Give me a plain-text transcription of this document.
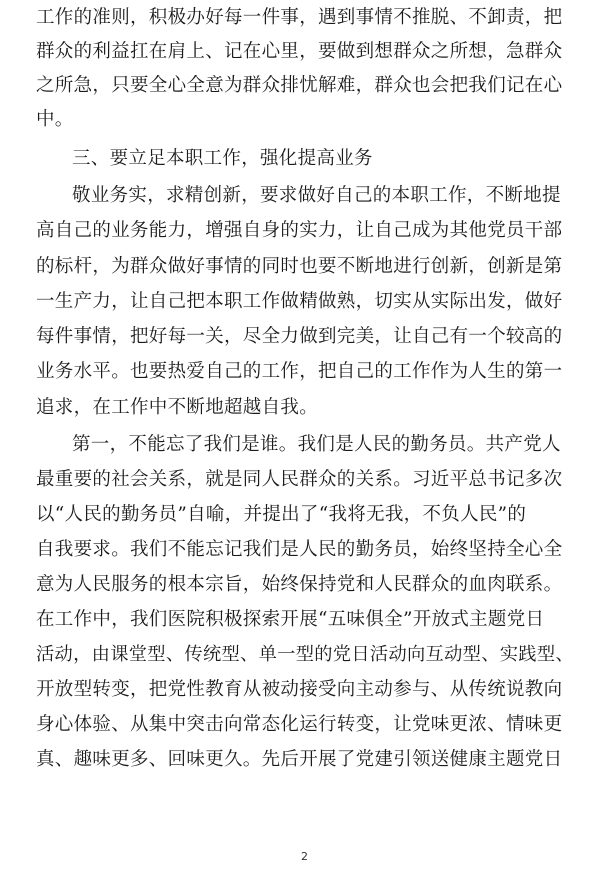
工作的准则，积极办好每一件事，遇到事情不推脱、不卸责，把
群众的利益扛在肩上、记在心里，要做到想群众之所想，急群众
之所急，只要全心全意为群众排忧解难，群众也会把我们记在心
中。
三、要立足本职工作，强化提高业务
敬业务实，求精创新，要求做好自己的本职工作，不断地提
高自己的业务能力，增强自身的实力，让自己成为其他党员干部
的标杆，为群众做好事情的同时也要不断地进行创新，创新是第
一生产力，让自己把本职工作做精做熟，切实从实际出发，做好
每件事情，把好每一关，尽全力做到完美，让自己有一个较高的
业务水平。也要热爱自己的工作，把自己的工作作为人生的第一
追求，在工作中不断地超越自我。
第一，不能忘了我们是谁。我们是人民的勤务员。共产党人
最重要的社会关系，就是同人民群众的关系。习近平总书记多次
以“人民的勤务员”自喻，并提出了“我将无我，不负人民”的
自我要求。我们不能忘记我们是人民的勤务员，始终坚持全心全
意为人民服务的根本宗旨，始终保持党和人民群众的血肉联系。
在工作中，我们医院积极探索开展“五味俱全”开放式主题党日
活动，由课堂型、传统型、单一型的党日活动向互动型、实践型、
开放型转变，把党性教育从被动接受向主动参与、从传统说教向
身心体验、从集中突击向常态化运行转变，让党味更浓、情味更
真、趣味更多、回味更久。先后开展了党建引领送健康主题党日
2
